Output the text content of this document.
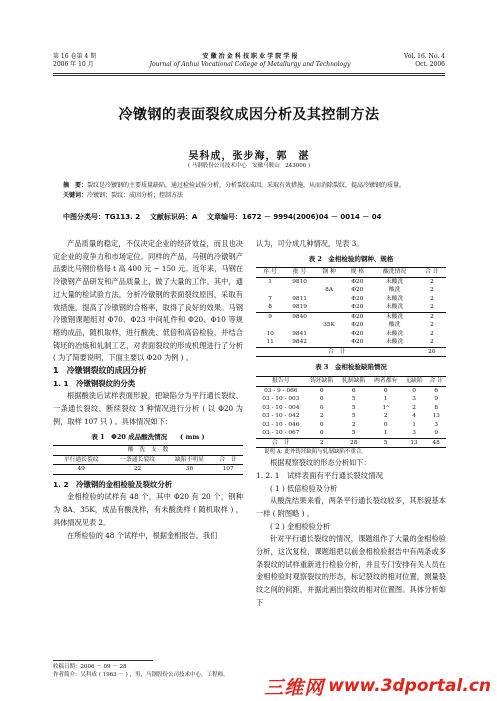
第 16 卷第 4 期
2006 年 10 月
安 徽 冶 金 科 技 职 业 学 院 学 报
Journal of Anhui Vocational College of Metallurgy and Technology
Vol. 16. No. 4
Oct. 2006
冷镦钢的表面裂纹成因分析及其控制方法
吴科成，张步海，郭　湛
( 马钢股份公司技术中心　安徽马鞍山　243000 )
摘　要：裂纹是冷镦钢的主要质量缺陷，通过检验试验分析，分析裂纹成因，采取有效措施，从而消除裂纹，提高冷镦钢的质量。
关键词：冷镦钢；裂纹；成因分析；控制方法
中图分类号：TG113. 2 文献标识码：A 文章编号：1672 － 9994(2006)04 － 0014 － 04

产品质量的稳定，不仅决定企业的经济效益，而且也决定企业的竞争力和市场定位。同样的产品，马钢的冷镦钢产品要比马钢价格每 t 高 400 元 ~ 150 元。近年来，马钢在冷镦钢产品研发和产品质量上，做了大量的工作。其中，通过大量的检试验方法，分析冷镦钢的表面裂纹原因，采取有效措施，提高了冷镦钢的合格率，取得了良好的效果。马钢冷镦钢课题组对 Φ70、Φ23 中间轧件和 Φ20、Φ10 等规格的成品，随机取样，进行酸洗、低倍和高倍检验，并结合铸坯的冶炼和轧制工艺，对表面裂纹的形成机理进行了分析 ( 为了简要说明，下面主要以 Φ20 为例 ) 。

1　冷镦钢裂纹的成因分析

1. 1　冷镦钢裂纹的分类

根据酸洗后试样表面形貌，把缺陷分为平行通长裂纹、一条通长裂纹、断续裂纹 3 种情况进行分析 ( 以 Φ20 为例，取样 107 只 ) 。具体情况如下：

表 1　Φ20 成品酸洗情况　　( mm )
酸　洗　支　数			
平行通长裂纹	一条通长裂纹	缺陷不明显	合　计
49	22	36	107

1. 2　冷镦钢的金相检验及裂纹分析

金相检验的试样有 48 个，其中 Φ20 有 20 个，钢种为 8A、35K，成品有酸洗样，有未酸洗样 ( 随机取样 ) ，具体情况见表 2。

在所检验的 48 个试样中，根据金相报告，我们

认为，可分成几种情况，见表 3。

表 2　金相检验的钢种、规格
序 号	批 号	钢 种	规 格	酸洗情况	合 计
1	9810		Φ20	未酸洗	2
		8A	Φ20	酸洗	2
7	9811		Φ20	未酸洗	2
8	9819		Φ20	未酸洗	2
9	9840		Φ20	未酸洗	2
		35K	Φ20	酸洗	2
10	9841		Φ20	未酸洗	2
11	9842		Φ20	未酸洗	2
合　计					20
表 3　金相检验缺陷情况
报告号	铸坯缺陷	轧制缺陷	两者都有	无缺陷	合 计
03 - 9 - 066	0	6	0	0	6
03 - 10 - 003	0	5	1	3	9
03 - 10 - 004	0	5	1ᴬ	2	8
03 - 10 - 042	2	5	2	4	13
03 - 10 - 046	0	2	0	1	3
03 - 10 - 067	0	5	1	3	9
合　计	2	28	5	13	48
说明 A: 此外铸坯缺陷与轧制缺陷不重合。

根据观察裂纹的形态分析如下：

1. 2. 1　试样表面有平行通长裂纹情况

( 1 ) 低倍检验及分析

从酸洗结果来看，两条平行通长裂纹较多，其形貌基本一样 ( 附图略 ) 。

( 2 ) 金相检验分析

针对平行通长裂纹的情况，课题组作了大量的金相检验分析，这次复检，课题组把以前金相检验报告中有两条或多条裂纹的试样重新进行检验分析，并且专门安排有关人员在金相检验时观察裂纹的形态，标记裂纹的相对位置，测量裂纹之间的间距，并据此画出裂纹的相对位置图。具体分析如下

收稿日期：2006 － 09 － 28
作者简介：吴科成 ( 1963 － ) ，男，马钢股份公司技术中心，工程师。
三维网 www.3dportal.cn
